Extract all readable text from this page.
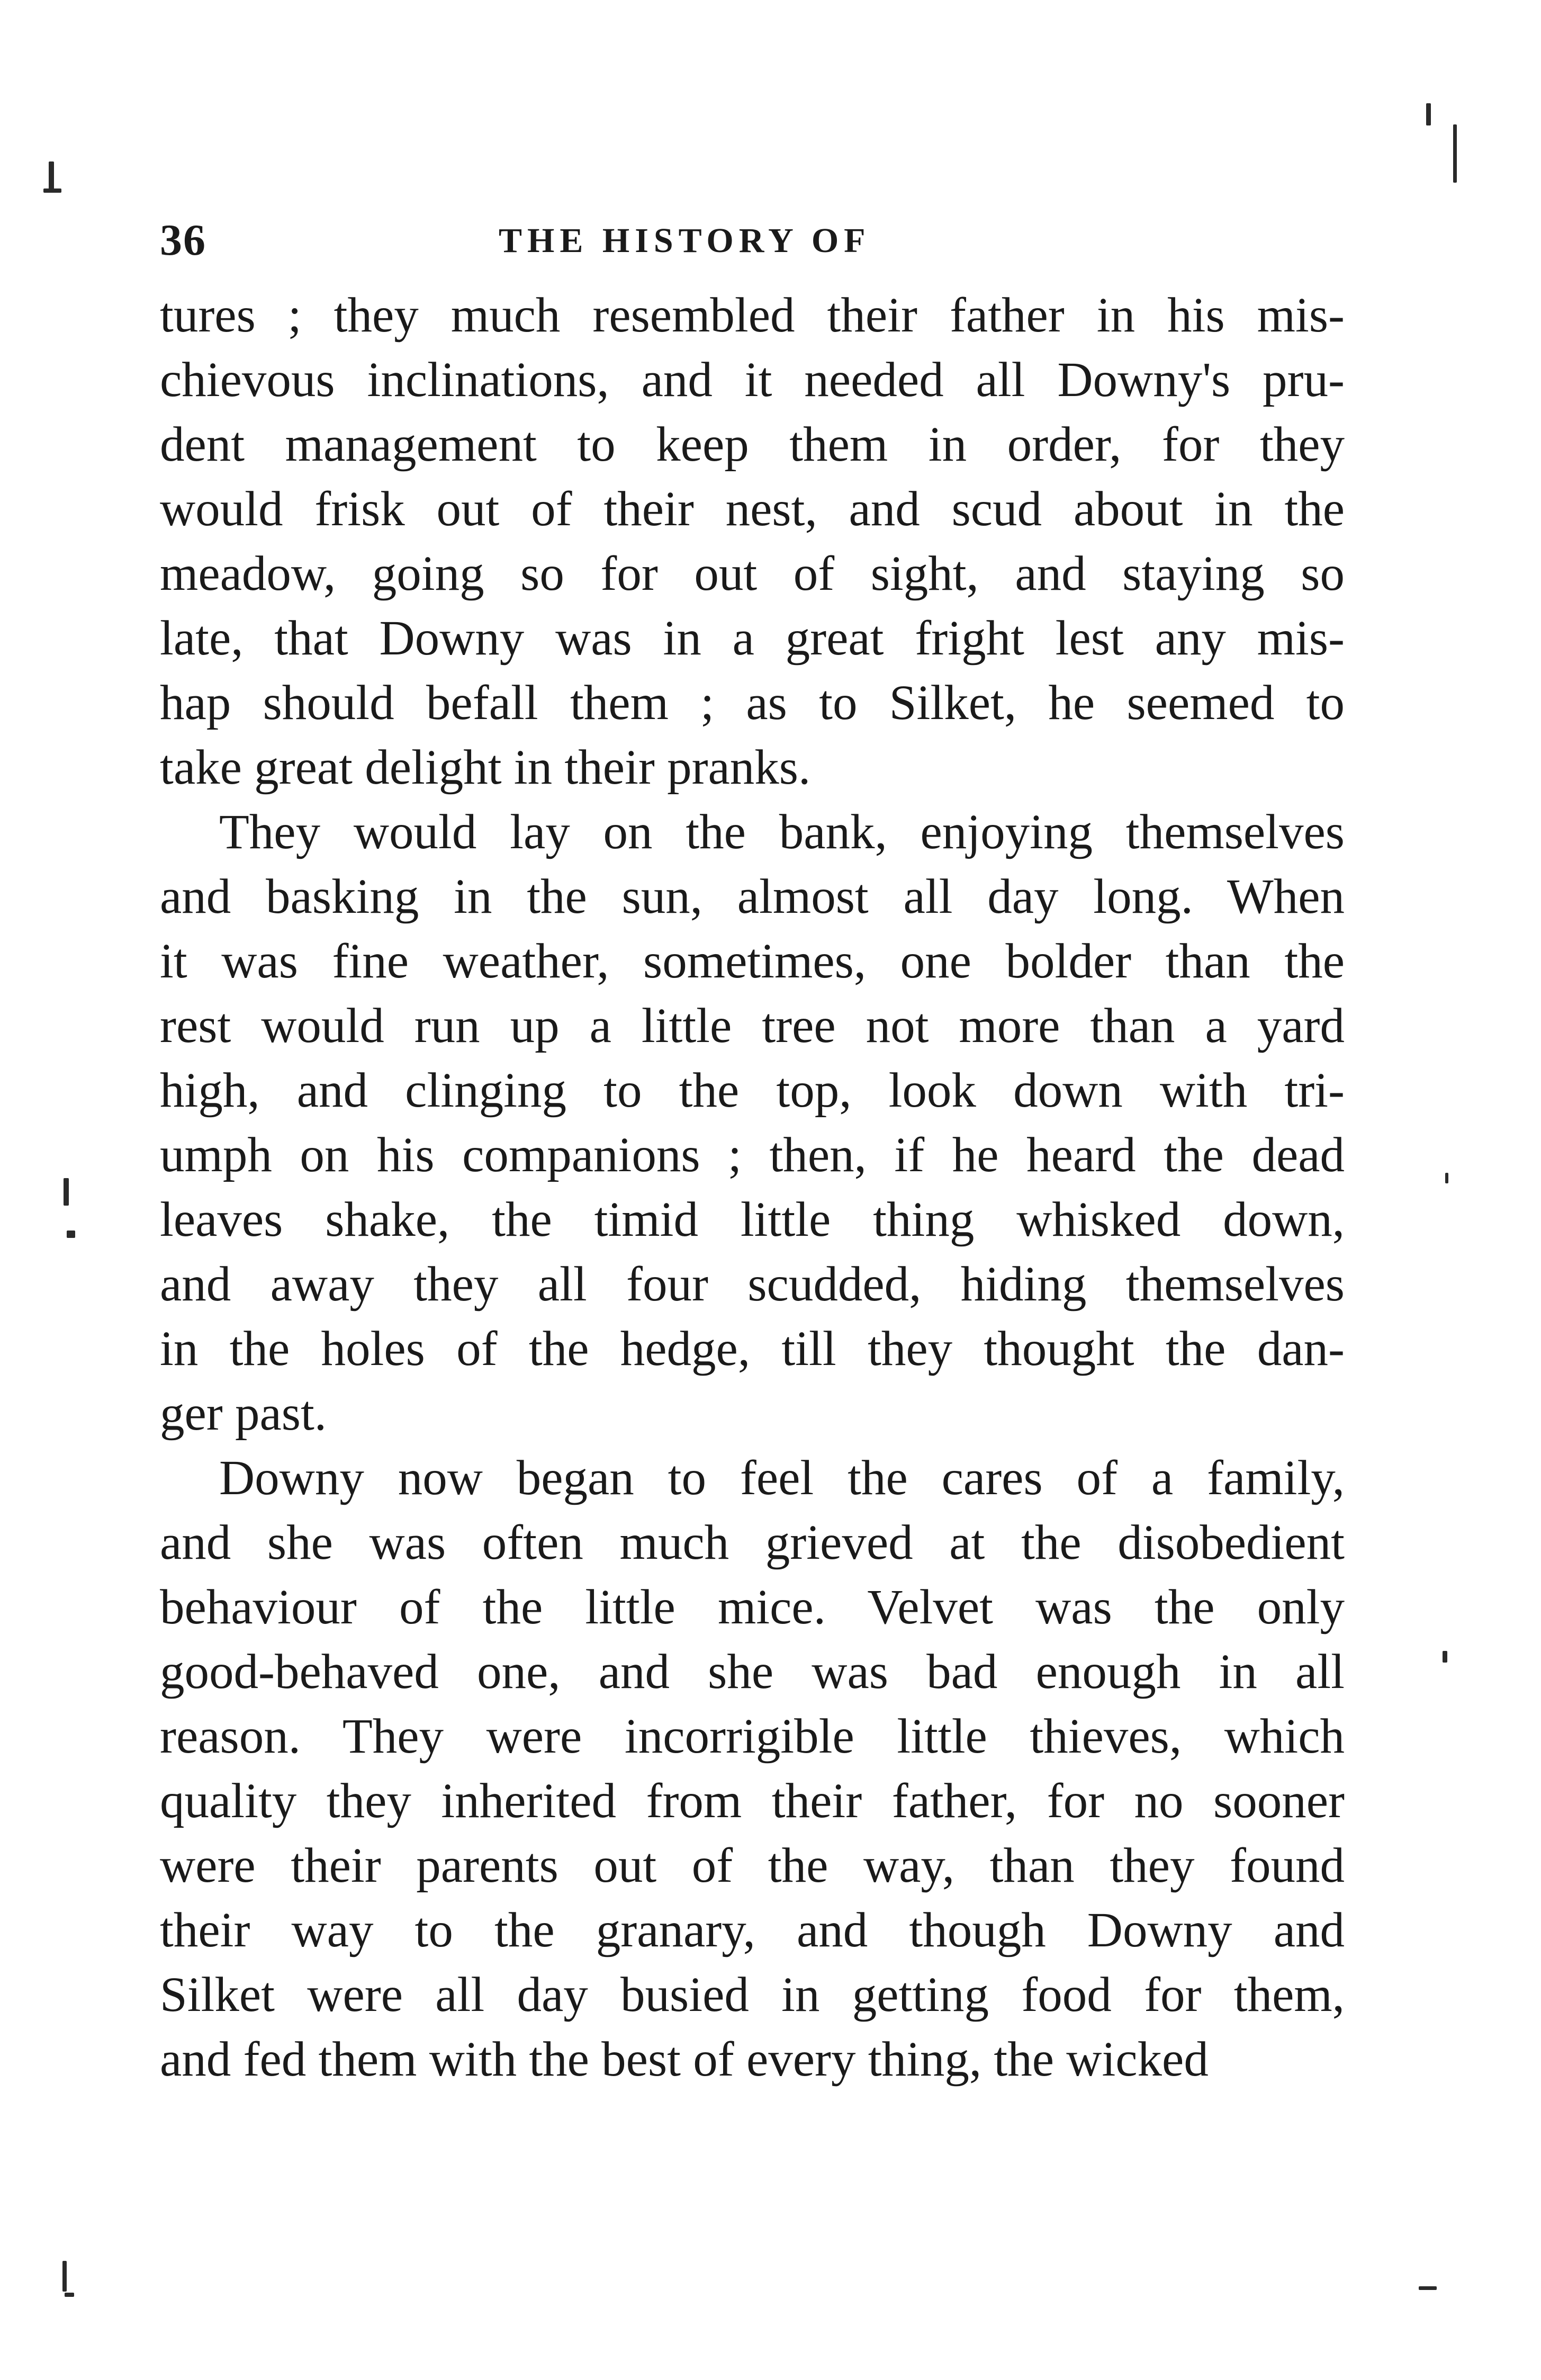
36	THE HISTORY OF
tures ; they much resembled their father in his mis-
chievous inclinations, and it needed all Downy's pru-
dent management to keep them in order, for they
would frisk out of their nest, and scud about in the
meadow, going so for out of sight, and staying so
late, that Downy was in a great fright lest any mis-
hap should befall them ; as to Silket, he seemed to
take great delight in their pranks.
They would lay on the bank, enjoying themselves
and basking in the sun, almost all day long. When
it was fine weather, sometimes, one bolder than the
rest would run up a little tree not more than a yard
high, and clinging to the top, look down with tri-
umph on his companions ; then, if he heard the dead
leaves shake, the timid little thing whisked down,
and away they all four scudded, hiding themselves
in the holes of the hedge, till they thought the dan-
ger past.
Downy now began to feel the cares of a family,
and she was often much grieved at the disobedient
behaviour of the little mice. Velvet was the only
good-behaved one, and she was bad enough in all
reason. They were incorrigible little thieves, which
quality they inherited from their father, for no sooner
were their parents out of the way, than they found
their way to the granary, and though Downy and
Silket were all day busied in getting food for them,
and fed them with the best of every thing, the wicked
